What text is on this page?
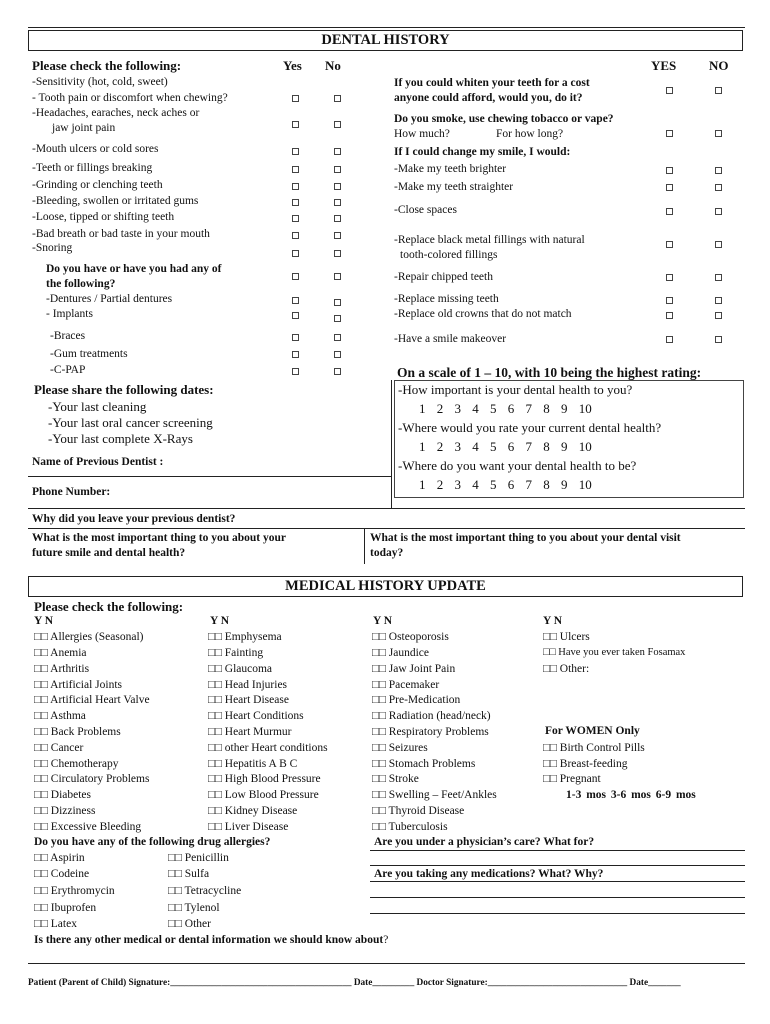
DENTAL HISTORY
Please check the following:	Yes No
-Sensitivity (hot, cold, sweet)
- Tooth pain or discomfort when chewing?
-Headaches, earaches, neck aches or
jaw joint pain
-Mouth ulcers or cold sores
-Teeth or fillings breaking
-Grinding or clenching teeth
-Bleeding, swollen or irritated gums
-Loose, tipped or shifting teeth
-Bad breath or bad taste in your mouth
-Snoring
Do you have or have you had any of
the following?
-Dentures / Partial dentures
- Implants
-Braces
-Gum treatments
-C-PAP
Please share the following dates:
-Your last cleaning
-Your last oral cancer screening
-Your last complete X-Rays
Name of Previous Dentist :
Phone Number:
Why did you leave your previous dentist?
What is the most important thing to you about your
future smile and dental health?
What is the most important thing to you about your dental visit
today?
YES	NO
If you could whiten your teeth for a cost
anyone could afford, would you, do it?
Do you smoke, use chewing tobacco or vape?
How much?	For how long?
If I could change my smile, I would:
-Make my teeth brighter
-Make my teeth straighter
-Close spaces
-Replace black metal fillings with natural
tooth-colored fillings
-Repair chipped teeth
-Replace missing teeth
-Replace old crowns that do not match
-Have a smile makeover
On a scale of 1 – 10, with 10 being the highest rating:
-How important is your dental health to you?
1 2 3 4 5 6 7 8 9 10
-Where would you rate your current dental health?
1 2 3 4 5 6 7 8 9 10
-Where do you want your dental health to be?
1 2 3 4 5 6 7 8 9 10
MEDICAL HISTORY UPDATE
Please check the following:
Y N	Y N	Y N	Y N
□□ Allergies (Seasonal)
□□ Anemia
□□ Arthritis
□□ Artificial Joints
□□ Artificial Heart Valve
□□ Asthma
□□ Back Problems
□□ Cancer
□□ Chemotherapy
□□ Circulatory Problems
□□ Diabetes
□□ Dizziness
□□ Excessive Bleeding
□□ Emphysema
□□ Fainting
□□ Glaucoma
□□ Head Injuries
□□ Heart Disease
□□ Heart Conditions
□□ Heart Murmur
□□ other Heart conditions
□□ Hepatitis A B C
□□ High Blood Pressure
□□ Low Blood Pressure
□□ Kidney Disease
□□ Liver Disease
□□ Osteoporosis
□□ Jaundice
□□ Jaw Joint Pain
□□ Pacemaker
□□ Pre-Medication
□□ Radiation (head/neck)
□□ Respiratory Problems
□□ Seizures
□□ Stomach Problems
□□ Stroke
□□ Swelling – Feet/Ankles
□□ Thyroid Disease
□□ Tuberculosis
□□ Ulcers
□□ Have you ever taken Fosamax
□□ Other:
For WOMEN Only
□□ Birth Control Pills
□□ Breast-feeding
□□ Pregnant
1-3 mos 3-6 mos 6-9 mos
Do you have any of the following drug allergies?
□□ Aspirin
□□ Codeine
□□ Erythromycin
□□ Ibuprofen
□□ Latex
□□ Penicillin
□□ Sulfa
□□ Tetracycline
□□ Tylenol
□□ Other
Are you under a physician’s care? What for?
Are you taking any medications? What? Why?
Is there any other medical or dental information we should know about?
Patient (Parent of Child) Signature:_______________________________________ Date_________ Doctor Signature:______________________________ Date_______
